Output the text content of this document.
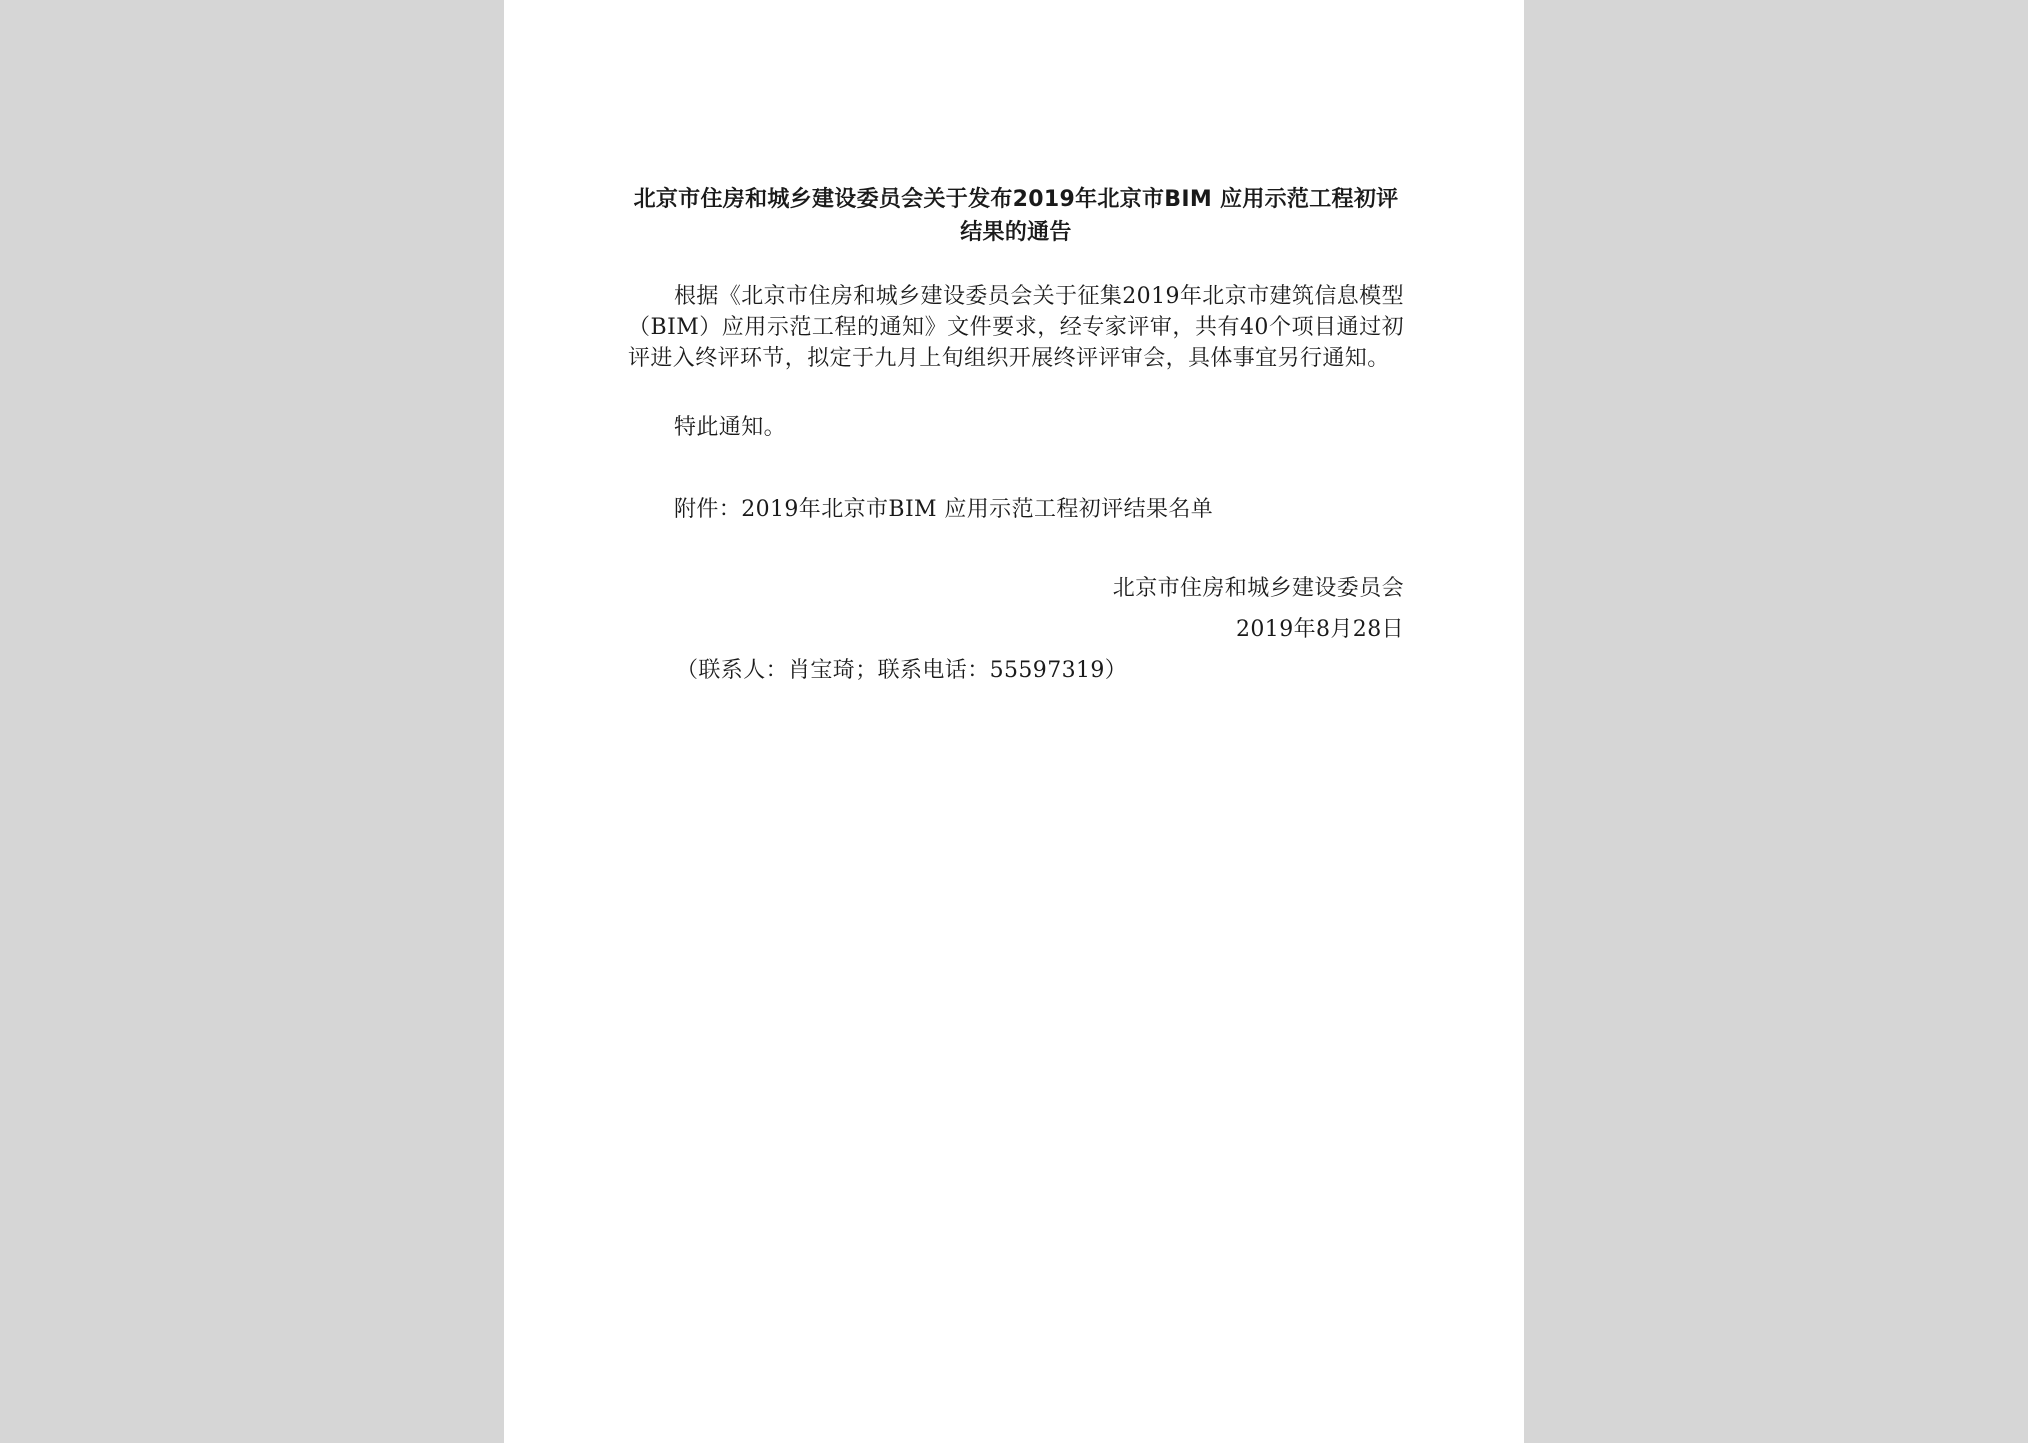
北京市住房和城乡建设委员会关于发布2019年北京市BIM 应用示范工程初评结果的通告

根据《北京市住房和城乡建设委员会关于征集2019年北京市建筑信息模型（BIM）应用示范工程的通知》文件要求，经专家评审，共有40个项目通过初评进入终评环节，拟定于九月上旬组织开展终评评审会，具体事宜另行通知。

特此通知。

附件：2019年北京市BIM 应用示范工程初评结果名单

北京市住房和城乡建设委员会

2019年8月28日

（联系人：肖宝琦；联系电话：55597319）
